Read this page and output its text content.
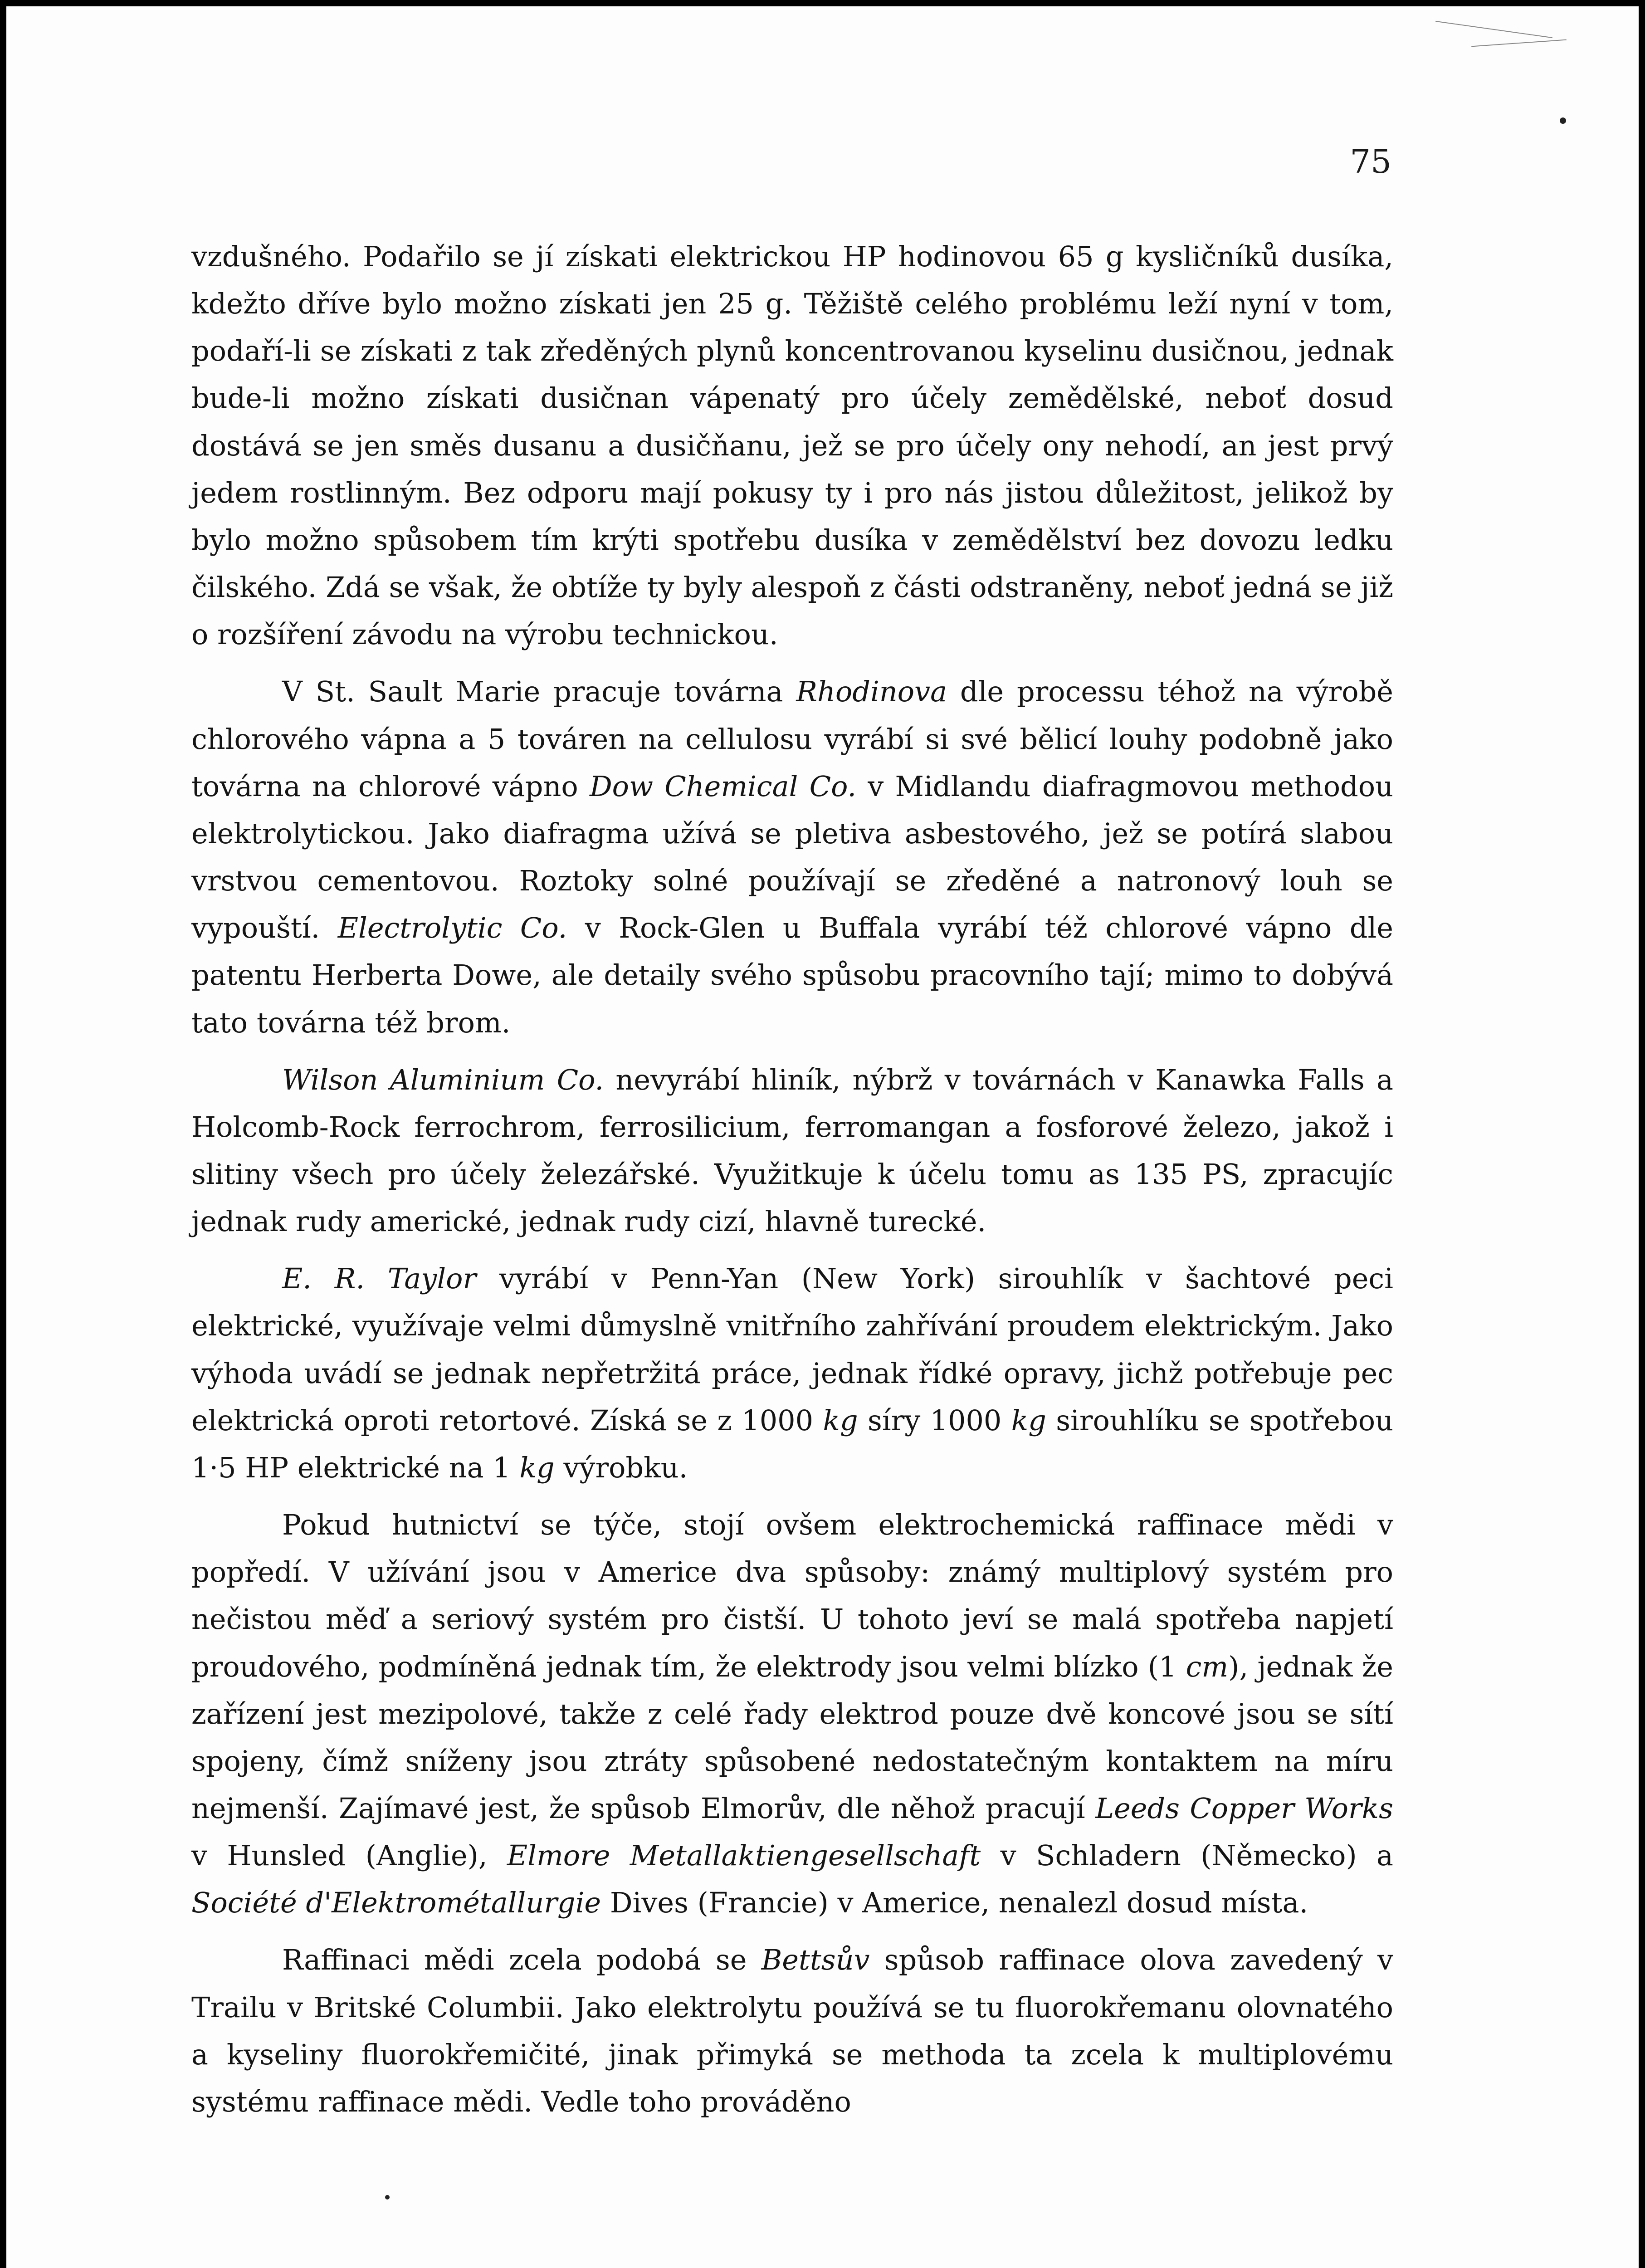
75

vzdušného. Podařilo se jí získati elektrickou HP hodinovou 65 g kysličníků dusíka, kdežto dříve bylo možno získati jen 25 g. Těžiště celého problému leží nyní v tom, podaří-li se získati z tak zředěných plynů koncentrovanou kyselinu dusičnou, jednak bude-li možno získati dusičnan vápenatý pro účely zemědělské, neboť dosud dostává se jen směs dusanu a dusičňanu, jež se pro účely ony nehodí, an jest prvý jedem rostlinným. Bez odporu mají pokusy ty i pro nás jistou důležitost, jelikož by bylo možno spůsobem tím krýti spotřebu dusíka v zemědělství bez dovozu ledku čilského. Zdá se však, že obtíže ty byly alespoň z části odstraněny, neboť jedná se již o rozšíření závodu na výrobu technickou.

V St. Sault Marie pracuje továrna Rhodinova dle processu téhož na výrobě chlorového vápna a 5 továren na cellulosu vyrábí si své bělicí louhy podobně jako továrna na chlorové vápno Dow Chemical Co. v Midlandu diafragmovou methodou elektrolytickou. Jako diafragma užívá se pletiva asbestového, jež se potírá slabou vrstvou cementovou. Roztoky solné používají se zředěné a natronový louh se vypouští. Electrolytic Co. v Rock-Glen u Buffala vyrábí též chlorové vápno dle patentu Herberta Dowe, ale detaily svého spůsobu pracovního tají; mimo to dobývá tato továrna též brom.

Wilson Aluminium Co. nevyrábí hliník, nýbrž v továrnách v Kanawka Falls a Holcomb-Rock ferrochrom, ferrosilicium, ferromangan a fosforové železo, jakož i slitiny všech pro účely železářské. Využitkuje k účelu tomu as 135 PS, zpracujíc jednak rudy americké, jednak rudy cizí, hlavně turecké.

E. R. Taylor vyrábí v Penn-Yan (New York) sirouhlík v šachtové peci elektrické, využívaje velmi důmyslně vnitřního zahřívání proudem elektrickým. Jako výhoda uvádí se jednak nepřetržitá práce, jednak řídké opravy, jichž potřebuje pec elektrická oproti retortové. Získá se z 1000 kg síry 1000 kg sirouhlíku se spotřebou 1·5 HP elektrické na 1 kg výrobku.

Pokud hutnictví se týče, stojí ovšem elektrochemická raffinace mědi v popředí. V užívání jsou v Americe dva spůsoby: známý multiplový systém pro nečistou měď a seriový systém pro čistší. U tohoto jeví se malá spotřeba napjetí proudového, podmíněná jednak tím, že elektrody jsou velmi blízko (1 cm), jednak že zařízení jest mezipolové, takže z celé řady elektrod pouze dvě koncové jsou se sítí spojeny, čímž sníženy jsou ztráty spůsobené nedostatečným kontaktem na míru nejmenší. Zajímavé jest, že spůsob Elmorův, dle něhož pracují Leeds Copper Works v Hunsled (Anglie), Elmore Metallaktiengesellschaft v Schladern (Německo) a Société d'Elektrométallurgie Dives (Francie) v Americe, nenalezl dosud místa.

Raffinaci mědi zcela podobá se Bettsův spůsob raffinace olova zavedený v Trailu v Britské Columbii. Jako elektrolytu používá se tu fluorokřemanu olovnatého a kyseliny fluorokřemičité, jinak přimyká se methoda ta zcela k multiplovému systému raffinace mědi. Vedle toho prováděno
